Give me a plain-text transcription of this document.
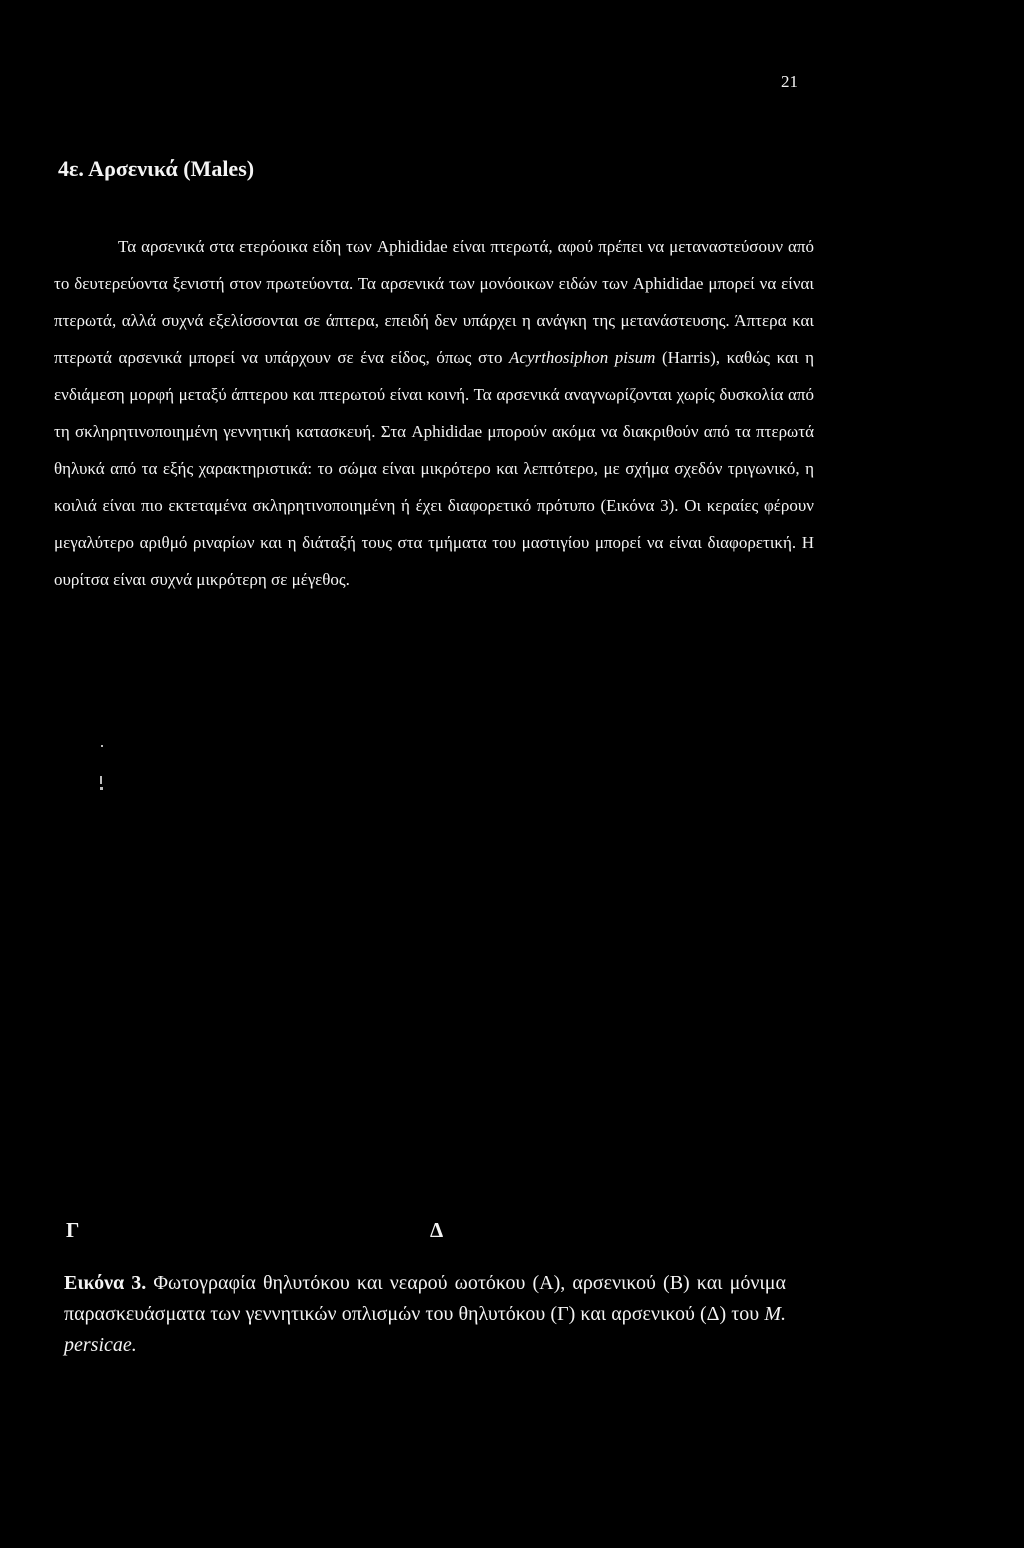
21
4ε. Αρσενικά (Males)

Τα αρσενικά στα ετερόοικα είδη των Aphididae είναι πτερωτά, αφού πρέπει να μεταναστεύσουν από το δευτερεύοντα ξενιστή στον πρωτεύοντα. Τα αρσενικά των μονόοικων ειδών των Aphididae μπορεί να είναι πτερωτά, αλλά συχνά εξελίσσονται σε άπτερα, επειδή δεν υπάρχει η ανάγκη της μετανάστευσης. Άπτερα και πτερωτά αρσενικά μπορεί να υπάρχουν σε ένα είδος, όπως στο Acyrthosiphon pisum (Harris), καθώς και η ενδιάμεση μορφή μεταξύ άπτερου και πτερωτού είναι κοινή. Τα αρσενικά αναγνωρίζονται χωρίς δυσκολία από τη σκληρητινοποιημένη γεννητική κατασκευή. Στα Aphididae μπορούν ακόμα να διακριθούν από τα πτερωτά θηλυκά από τα εξής χαρακτηριστικά: το σώμα είναι μικρότερο και λεπτότερο, με σχήμα σχεδόν τριγωνικό, η κοιλιά είναι πιο εκτεταμένα σκληρητινοποιημένη ή έχει διαφορετικό πρότυπο (Εικόνα 3). Οι κεραίες φέρουν μεγαλύτερο αριθμό ριναρίων και η διάταξή τους στα τμήματα του μαστιγίου μπορεί να είναι διαφορετική. Η ουρίτσα είναι συχνά μικρότερη σε μέγεθος.

Γ	Δ

Εικόνα 3. Φωτογραφία θηλυτόκου και νεαρού ωοτόκου (Α), αρσενικού (Β) και μόνιμα παρασκευάσματα των γεννητικών οπλισμών του θηλυτόκου (Γ) και αρσενικού (Δ) του M. persicae.
